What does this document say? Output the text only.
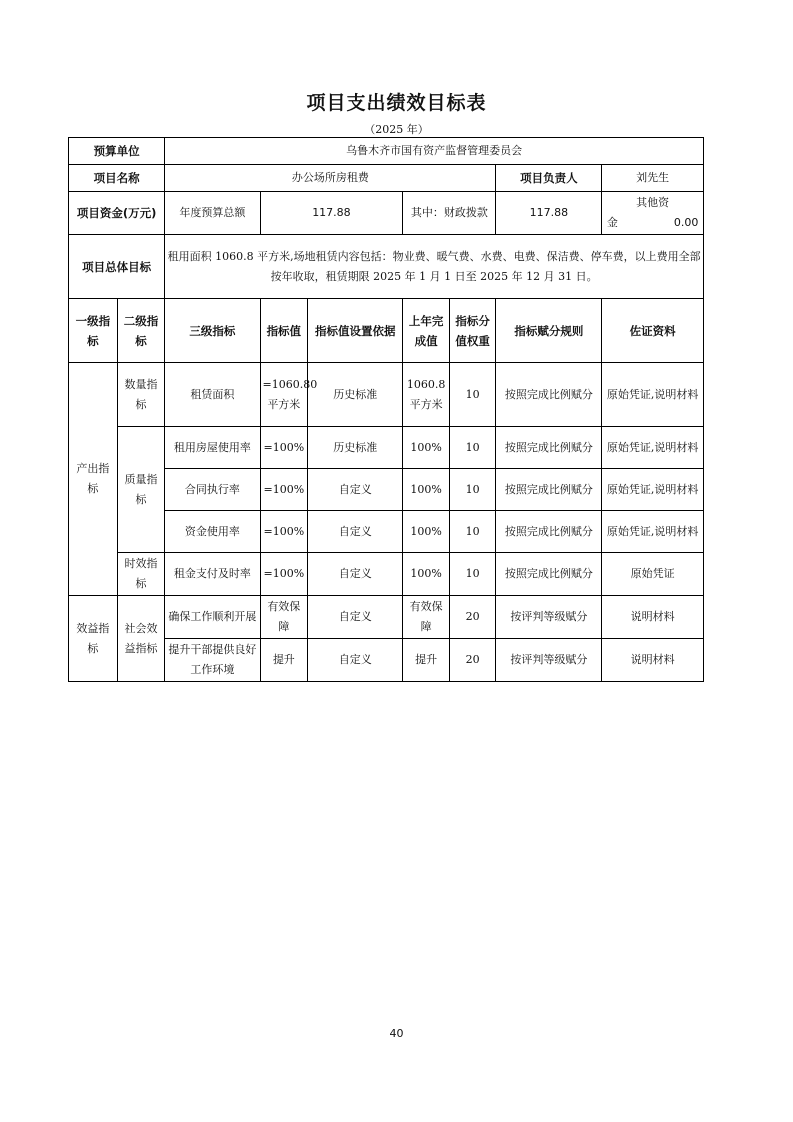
项目支出绩效目标表
（2025 年）
预算单位		乌鲁木齐市国有资产监督管理委员会						
项目名称		办公场所房租费					项目负责人	刘先生
项目资金(万元)		年度预算总额	117.88		其中：财政拨款		117.88	其他资金 0.00
项目总体目标		租用面积 1060.8 平方米,场地租赁内容包括：物业费、暖气费、水费、电费、保洁费、停车费，以上费用全部按年收取，租赁期限 2025 年 1 月 1 日至 2025 年 12 月 31 日。						
一级指标	二级指标	三级指标	指标值	指标值设置依据	上年完成值	指标分值权重	指标赋分规则	佐证资料
产出指标	数量指标	租赁面积	=1060.80平方米	历史标准	1060.8平方米	10	按照完成比例赋分	原始凭证,说明材料
	质量指标	租用房屋使用率	=100%	历史标准	100%	10	按照完成比例赋分	原始凭证,说明材料
		合同执行率	=100%	自定义	100%	10	按照完成比例赋分	原始凭证,说明材料
		资金使用率	=100%	自定义	100%	10	按照完成比例赋分	原始凭证,说明材料
	时效指标	租金支付及时率	=100%	自定义	100%	10	按照完成比例赋分	原始凭证
效益指标	社会效益指标	确保工作顺利开展	有效保障	自定义	有效保障	20	按评判等级赋分	说明材料
		提升干部提供良好工作环境	提升	自定义	提升	20	按评判等级赋分	说明材料
40
